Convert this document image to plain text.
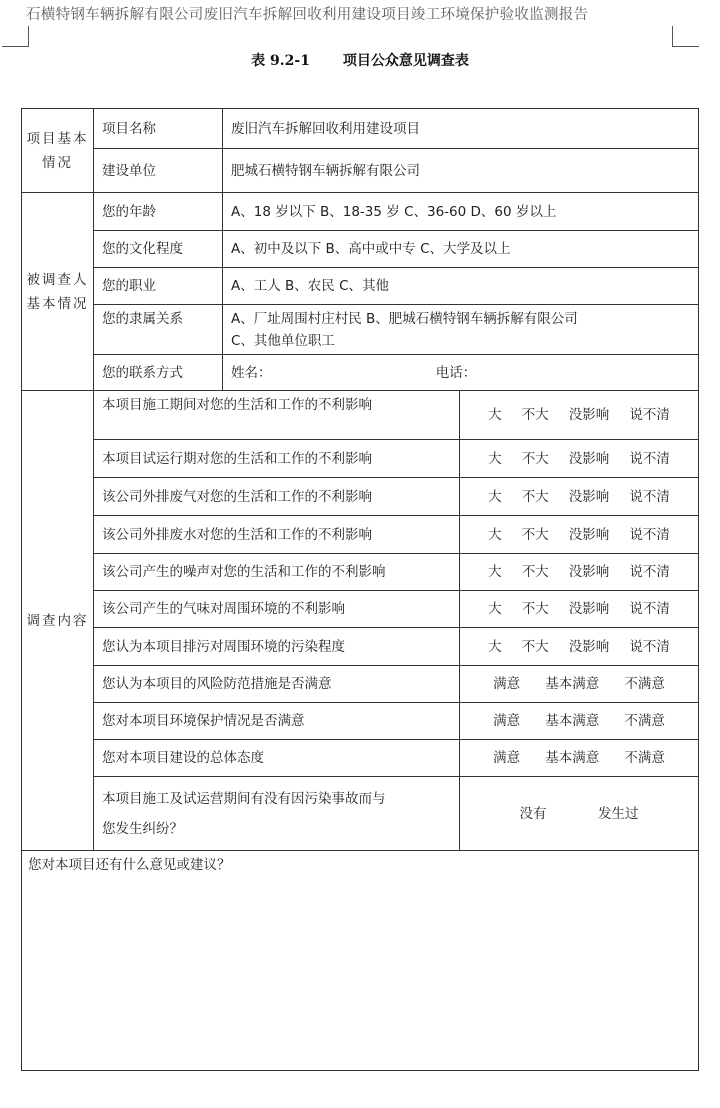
石横特钢车辆拆解有限公司废旧汽车拆解回收利用建设项目竣工环境保护验收监测报告
表 9.2-1 项目公众意见调查表
项目基本情况	项目名称	废旧汽车拆解回收利用建设项目	
	建设单位	肥城石横特钢车辆拆解有限公司	
被调查人基本情况	您的年龄	A、18 岁以下 B、18-35 岁 C、36-60 D、60 岁以上	
	您的文化程度	A、初中及以下 B、高中或中专 C、大学及以上	
	您的职业	A、工人 B、农民 C、其他	
	您的隶属关系	A、厂址周围村庄村民 B、肥城石横特钢车辆拆解有限公司
C、其他单位职工	

	您的联系方式	姓名： 电话：	
调查内容	本项目施工期间对您的生活和工作的不利影响		大 不大 没影响 说不清

	本项目试运行期对您的生活和工作的不利影响		大 不大 没影响 说不清

	该公司外排废气对您的生活和工作的不利影响		大 不大 没影响 说不清

	该公司外排废水对您的生活和工作的不利影响		大 不大 没影响 说不清

	该公司产生的噪声对您的生活和工作的不利影响		大 不大 没影响 说不清

	该公司产生的气味对周围环境的不利影响		大 不大 没影响 说不清

	您认为本项目排污对周围环境的污染程度		大 不大 没影响 说不清

	您认为本项目的风险防范措施是否满意		满意 基本满意 不满意

	您对本项目环境保护情况是否满意		满意 基本满意 不满意

	您对本项目建设的总体态度		满意 基本满意 不满意

	本项目施工及试运营期间有没有因污染事故而与
您发生纠纷？		没有 发生过

您对本项目还有什么意见或建议？			
